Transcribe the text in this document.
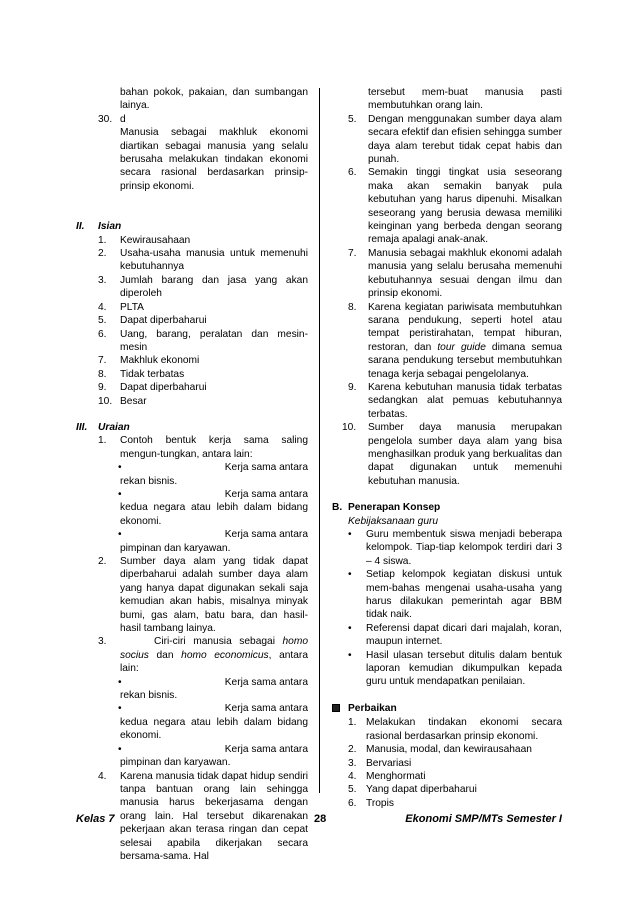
bahan pokok, pakaian, dan sumbangan lainya.
30. d
Manusia sebagai makhluk ekonomi diartikan sebagai manusia yang selalu berusaha melakukan tindakan ekonomi secara rasional berdasarkan prinsip-prinsip ekonomi.
II.	Isian
1.	Kewirausahaan
2.	Usaha-usaha manusia untuk memenuhi kebutuhannya
3.	Jumlah barang dan jasa yang akan diperoleh
4.	PLTA
5.	Dapat diperbaharui
6.	Uang, barang, peralatan dan mesin-mesin
7.	Makhluk ekonomi
8.	Tidak terbatas
9.	Dapat diperbaharui
10. Besar
III.	Uraian
1.	Contoh bentuk kerja sama saling mengun-tungkan, antara lain:
•	Kerja sama antara
rekan bisnis.
•	Kerja sama antara
kedua negara atau lebih dalam bidang ekonomi.
•	Kerja sama antara
pimpinan dan karyawan.
2.	Sumber daya alam yang tidak dapat diperbaharui adalah sumber daya alam yang hanya dapat digunakan sekali saja kemudian akan habis, misalnya minyak bumi, gas alam, batu bara, dan hasil-hasil tambang lainya.
3.	Ciri-ciri manusia sebagai homo socius dan homo economicus, antara lain:
•	Kerja sama antara
rekan bisnis.
•	Kerja sama antara
kedua negara atau lebih dalam bidang ekonomi.
•	Kerja sama antara
pimpinan dan karyawan.
4.	Karena manusia tidak dapat hidup sendiri tanpa bantuan orang lain sehingga manusia harus bekerjasama dengan orang lain. Hal tersebut dikarenakan pekerjaan akan terasa ringan dan cepat selesai apabila dikerjakan secara bersama-sama. Hal
tersebut mem-buat manusia pasti membutuhkan orang lain.
5.	Dengan menggunakan sumber daya alam secara efektif dan efisien sehingga sumber daya alam terebut tidak cepat habis dan punah.
6.	Semakin tinggi tingkat usia seseorang maka akan semakin banyak pula kebutuhan yang harus dipenuhi. Misalkan seseorang yang berusia dewasa memiliki keinginan yang berbeda dengan seorang remaja apalagi anak-anak.
7.	Manusia sebagai makhluk ekonomi adalah manusia yang selalu berusaha memenuhi kebutuhannya sesuai dengan ilmu dan prinsip ekonomi.
8.	Karena kegiatan pariwisata membutuhkan sarana pendukung, seperti hotel atau tempat peristirahatan, tempat hiburan, restoran, dan tour guide dimana semua sarana pendukung tersebut membutuhkan tenaga kerja sebagai pengelolanya.
9.	Karena kebutuhan manusia tidak terbatas sedangkan alat pemuas kebutuhannya terbatas.
10.	Sumber daya manusia merupakan pengelola sumber daya alam yang bisa menghasilkan produk yang berkualitas dan dapat digunakan untuk memenuhi kebutuhan manusia.
B. Penerapan Konsep
Kebijaksanaan guru
•	Guru membentuk siswa menjadi beberapa kelompok. Tiap-tiap kelompok terdiri dari 3 – 4 siswa.
•	Setiap kelompok kegiatan diskusi untuk mem-bahas mengenai usaha-usaha yang harus dilakukan pemerintah agar BBM tidak naik.
•	Referensi dapat dicari dari majalah, koran, maupun internet.
•	Hasil ulasan tersebut ditulis dalam bentuk laporan kemudian dikumpulkan kepada guru untuk mendapatkan penilaian.
Perbaikan
1. Melakukan tindakan ekonomi secara rasional berdasarkan prinsip ekonomi.
2. Manusia, modal, dan kewirausahaan
3. Bervariasi
4. Menghormati
5. Yang dapat diperbaharui
6. Tropis
Kelas 7	28	Ekonomi SMP/MTs Semester I
